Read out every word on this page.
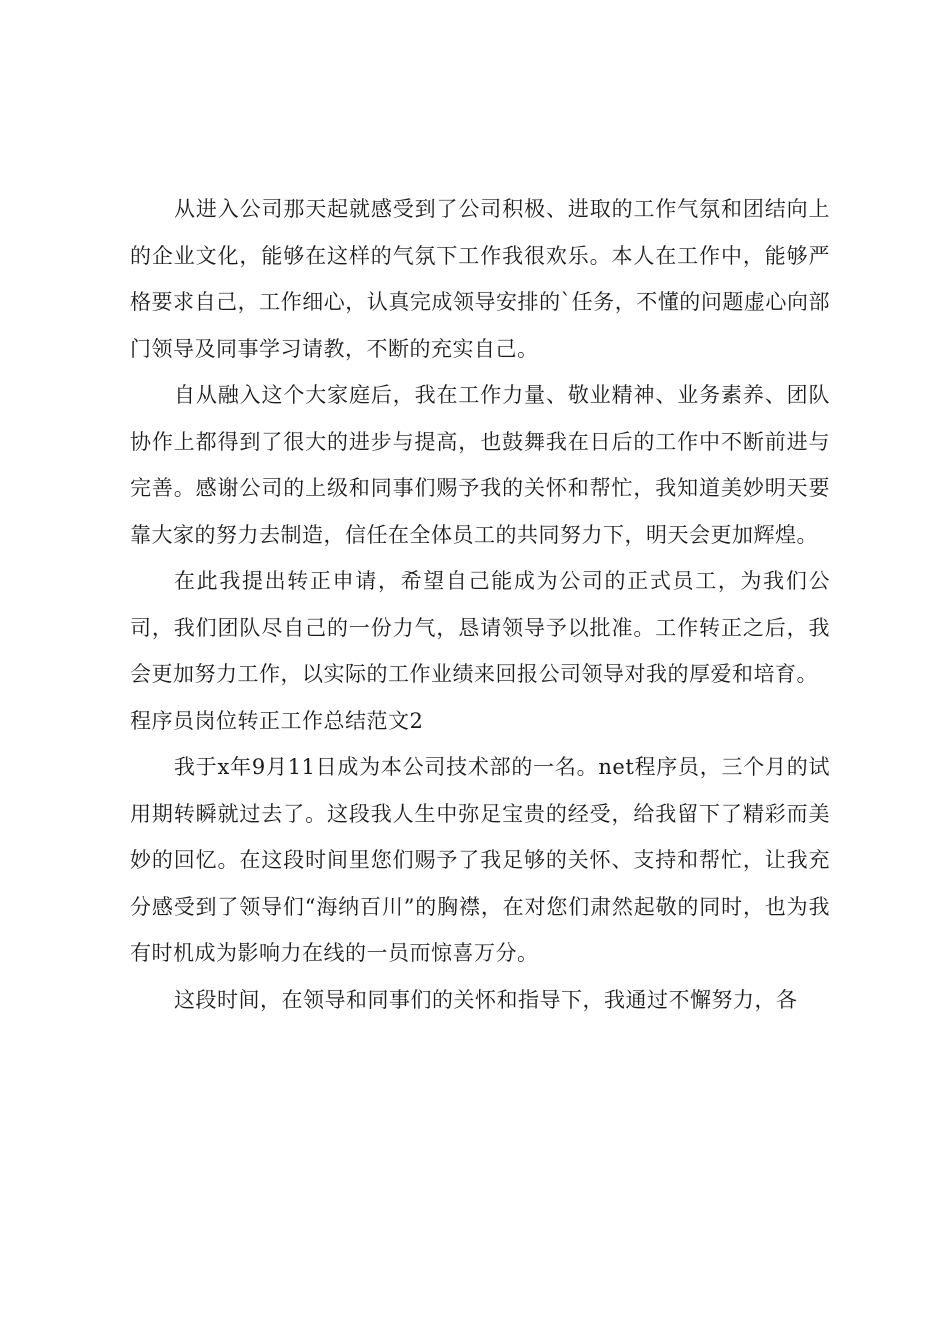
从进入公司那天起就感受到了公司积极、进取的工作气氛和团结向上的企业文化，能够在这样的气氛下工作我很欢乐。本人在工作中，能够严格要求自己，工作细心，认真完成领导安排的`任务，不懂的问题虚心向部门领导及同事学习请教，不断的充实自己。

自从融入这个大家庭后，我在工作力量、敬业精神、业务素养、团队协作上都得到了很大的进步与提高，也鼓舞我在日后的工作中不断前进与完善。感谢公司的上级和同事们赐予我的关怀和帮忙，我知道美妙明天要靠大家的努力去制造，信任在全体员工的共同努力下，明天会更加辉煌。

在此我提出转正申请，希望自己能成为公司的正式员工，为我们公司，我们团队尽自己的一份力气，恳请领导予以批准。工作转正之后，我会更加努力工作，以实际的工作业绩来回报公司领导对我的厚爱和培育。

程序员岗位转正工作总结范文2

我于x年9月11日成为本公司技术部的一名。net程序员，三个月的试用期转瞬就过去了。这段我人生中弥足宝贵的经受，给我留下了精彩而美妙的回忆。在这段时间里您们赐予了我足够的关怀、支持和帮忙，让我充分感受到了领导们“海纳百川”的胸襟，在对您们肃然起敬的同时，也为我有时机成为影响力在线的一员而惊喜万分。

这段时间，在领导和同事们的关怀和指导下，我通过不懈努力，各
